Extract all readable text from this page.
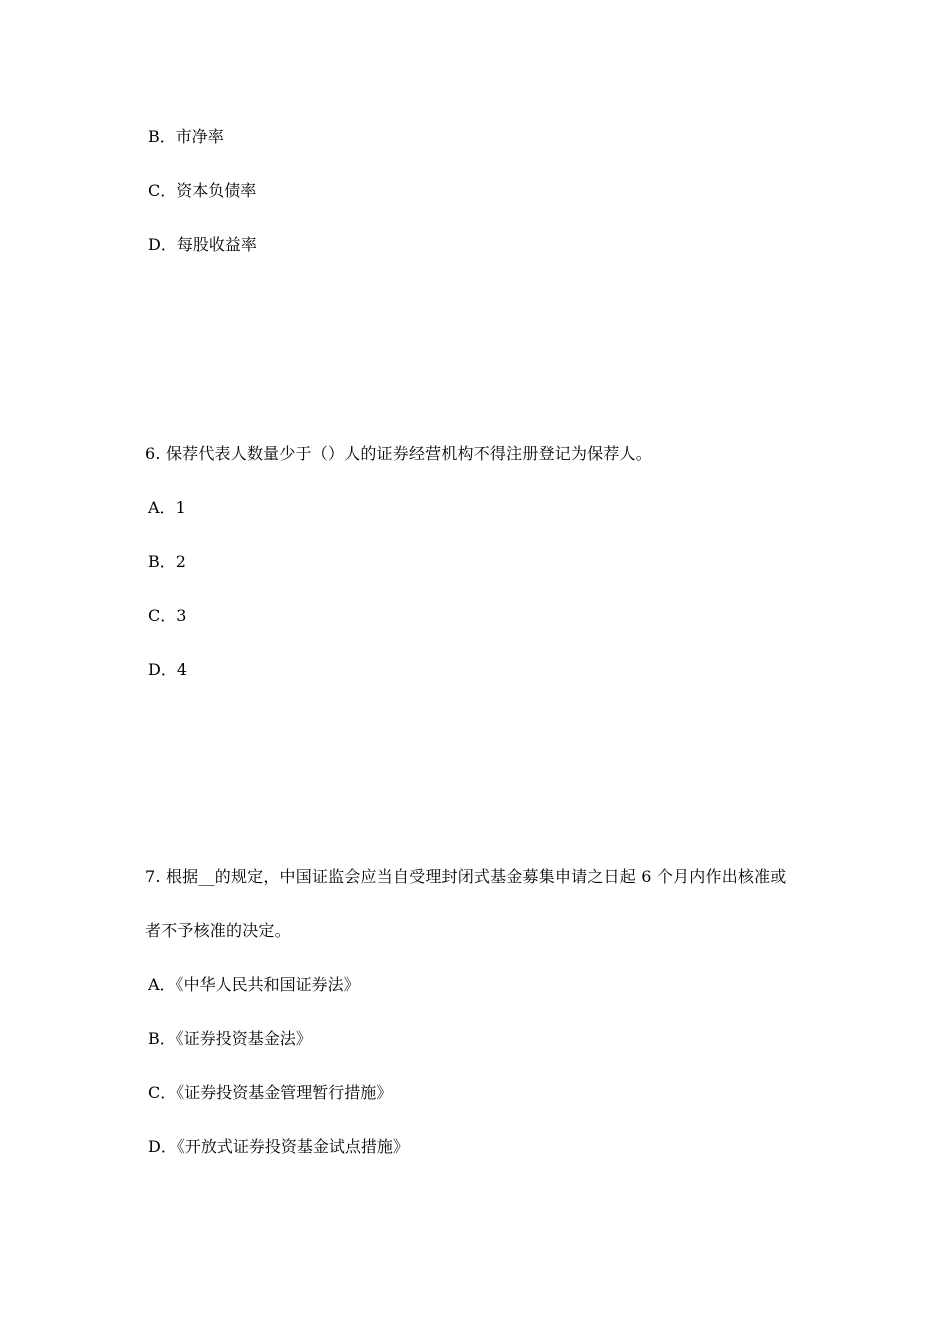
B．市净率
C．资本负债率
D．每股收益率
6. 保荐代表人数量少于（）人的证券经营机构不得注册登记为保荐人。
A．1
B．2
C．3
D．4
7. 根据__的规定，中国证监会应当自受理封闭式基金募集申请之日起 6 个月内作出核准或
者不予核准的决定。
A．《中华人民共和国证券法》
B．《证券投资基金法》
C．《证券投资基金管理暂行措施》
D．《开放式证券投资基金试点措施》
